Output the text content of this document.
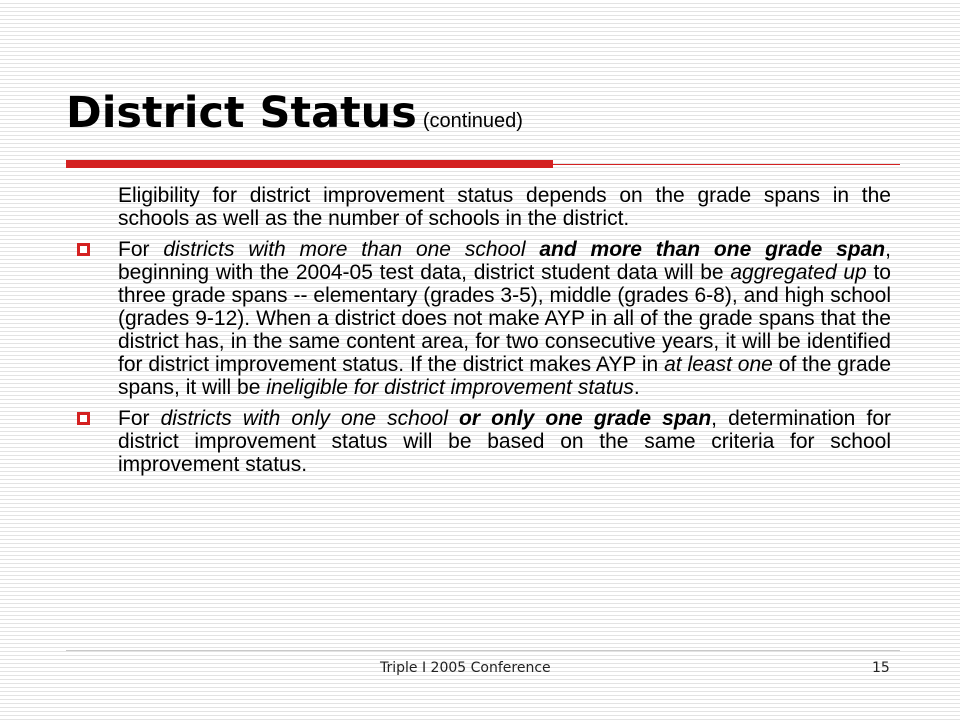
District Status (continued)

Eligibility for district improvement status depends on the grade spans in the schools as well as the number of schools in the district.

For districts with more than one school and more than one grade span, beginning with the 2004-05 test data, district student data will be aggregated up to three grade spans -- elementary (grades 3-5), middle (grades 6-8), and high school (grades 9-12). When a district does not make AYP in all of the grade spans that the district has, in the same content area, for two consecutive years, it will be identified for district improvement status. If the district makes AYP in at least one of the grade spans, it will be ineligible for district improvement status.

For districts with only one school or only one grade span, determination for district improvement status will be based on the same criteria for school improvement status.

Triple I 2005 Conference	15
